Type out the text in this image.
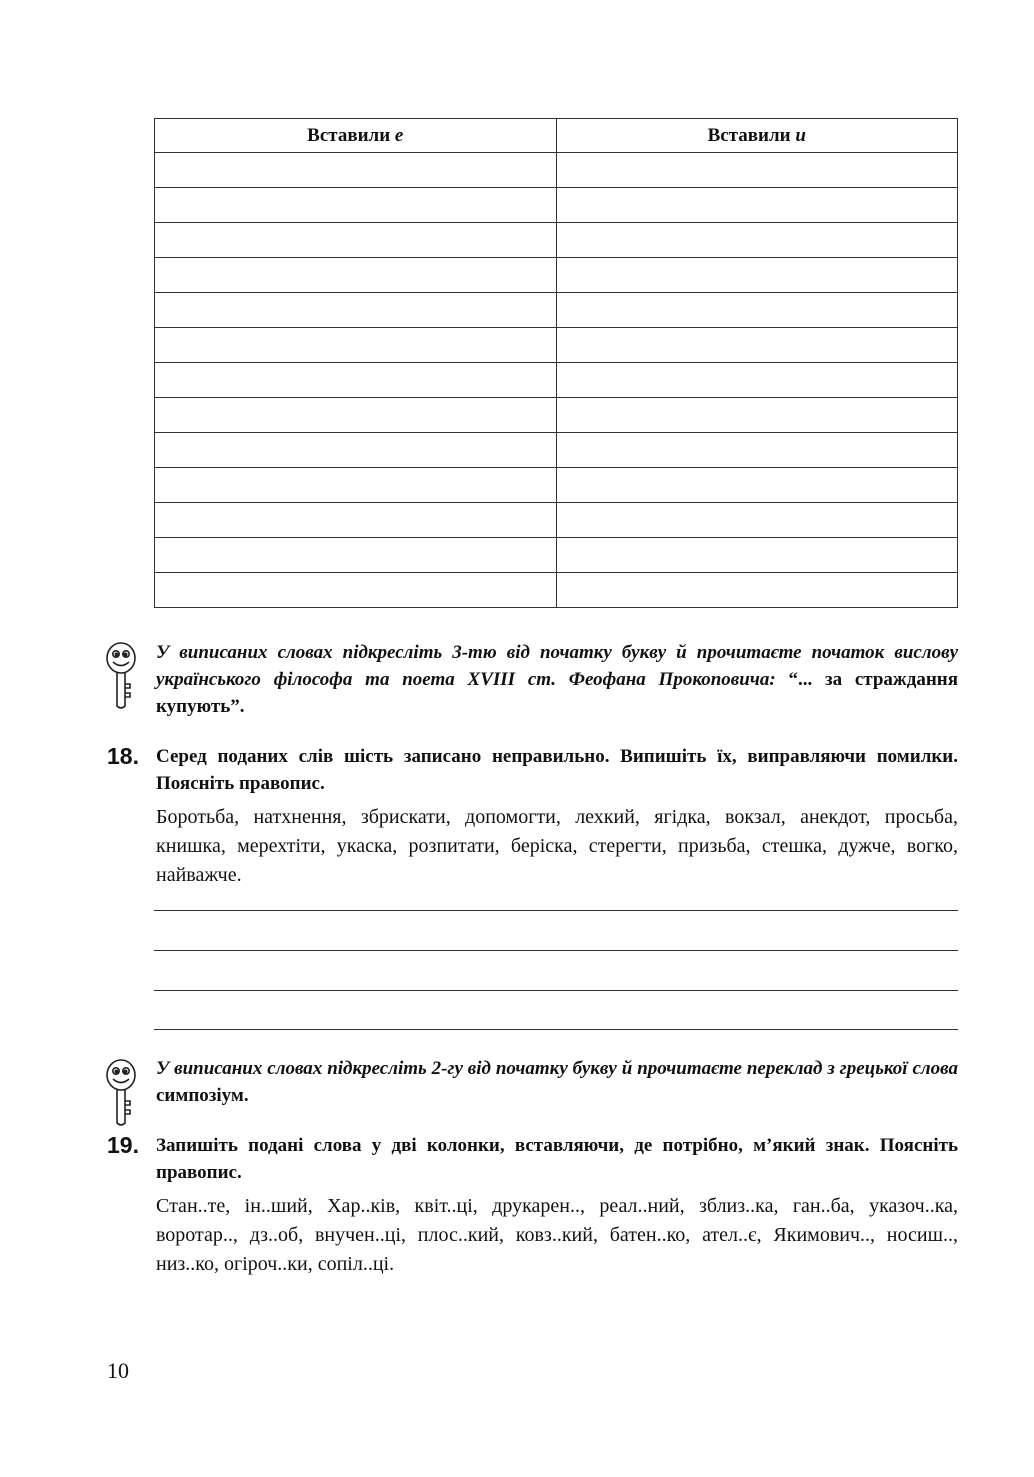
Вставили е	Вставили и

У виписаних словах підкресліть 3-тю від початку букву й прочитаєте початок висловy українського філософа та поета XVIII ст. Феофана Прокоповича: “... за страждання купують”.
18. Серед поданих слів шість записано неправильно. Випишіть їх, виправляючи помилки. Поясніть правопис.
Боротьба, натхнення, збрискати, допомогти, лехкий, ягідка, вокзал, анекдот, просьба, книшка, мерехтіти, укаска, розпитати, беріска, стерегти, призьба, стешка, дужче, вогко, найважче.
У виписаних словах підкресліть 2-гу від початку букву й прочитаєте переклад з грецької слова симпозіум.
19. Запишіть подані слова у дві колонки, вставляючи, де потрібно, м’який знак. Поясніть правопис.
Стан..те, ін..ший, Хар..ків, квіт..ці, друкарен.., реал..ний, зблиз..ка, ган..ба, указоч..ка, воротар.., дз..об, внучен..ці, плос..кий, ковз..кий, батен..ко, ател..є, Якимович.., носиш.., низ..ко, огіроч..ки, сопіл..ці.
10
